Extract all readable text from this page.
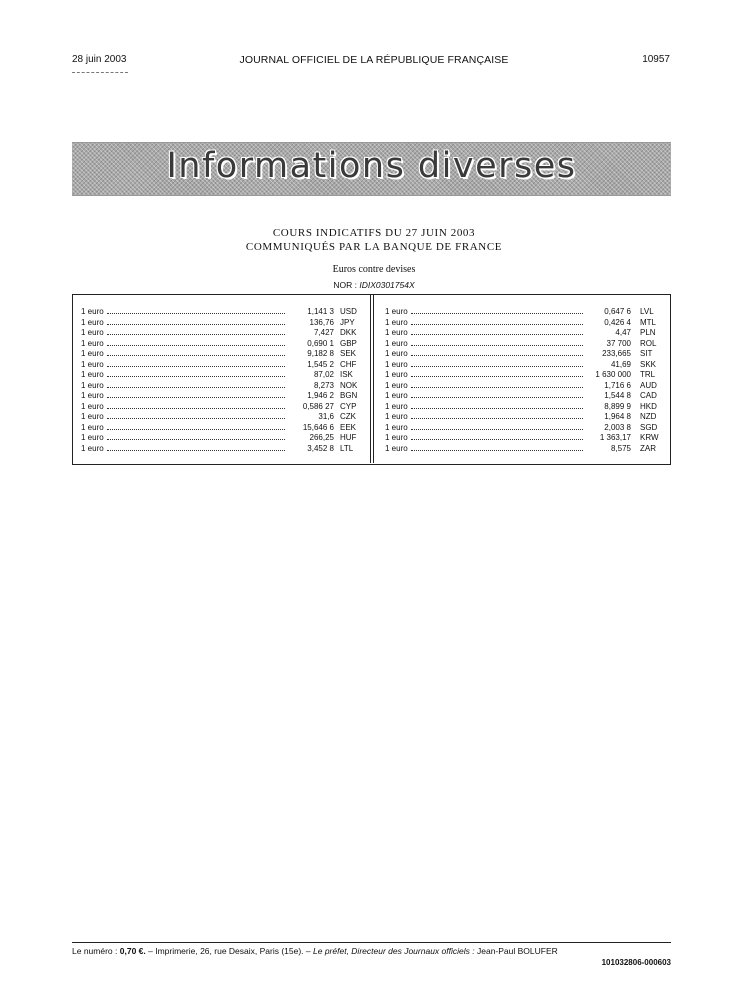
28 juin 2003	JOURNAL OFFICIEL DE LA RÉPUBLIQUE FRANÇAISE	10957
Informations diverses
COURS INDICATIFS DU 27 JUIN 2003
COMMUNIQUÉS PAR LA BANQUE DE FRANCE
Euros contre devises
NOR : IDIX0301754X
1 euro	1,141 3 USD
1 euro	136,76 JPY
1 euro	7,427 DKK
1 euro	0,690 1 GBP
1 euro	9,182 8 SEK
1 euro	1,545 2 CHF
1 euro	87,02 ISK
1 euro	8,273 NOK
1 euro	1,946 2 BGN
1 euro	0,586 27 CYP
1 euro	31,6 CZK
1 euro	15,646 6 EEK
1 euro	266,25 HUF
1 euro	3,452 8 LTL
1 euro	0,647 6 LVL
1 euro	0,426 4 MTL
1 euro	4,47 PLN
1 euro	37 700 ROL
1 euro	233,665 SIT
1 euro	41,69 SKK
1 euro	1 630 000 TRL
1 euro	1,716 6 AUD
1 euro	1,544 8 CAD
1 euro	8,899 9 HKD
1 euro	1,964 8 NZD
1 euro	2,003 8 SGD
1 euro	1 363,17 KRW
1 euro	8,575 ZAR
Le numéro : 0,70 €. – Imprimerie, 26, rue Desaix, Paris (15e). – Le préfet, Directeur des Journaux officiels : Jean-Paul BOLUFER
101032806-000603
